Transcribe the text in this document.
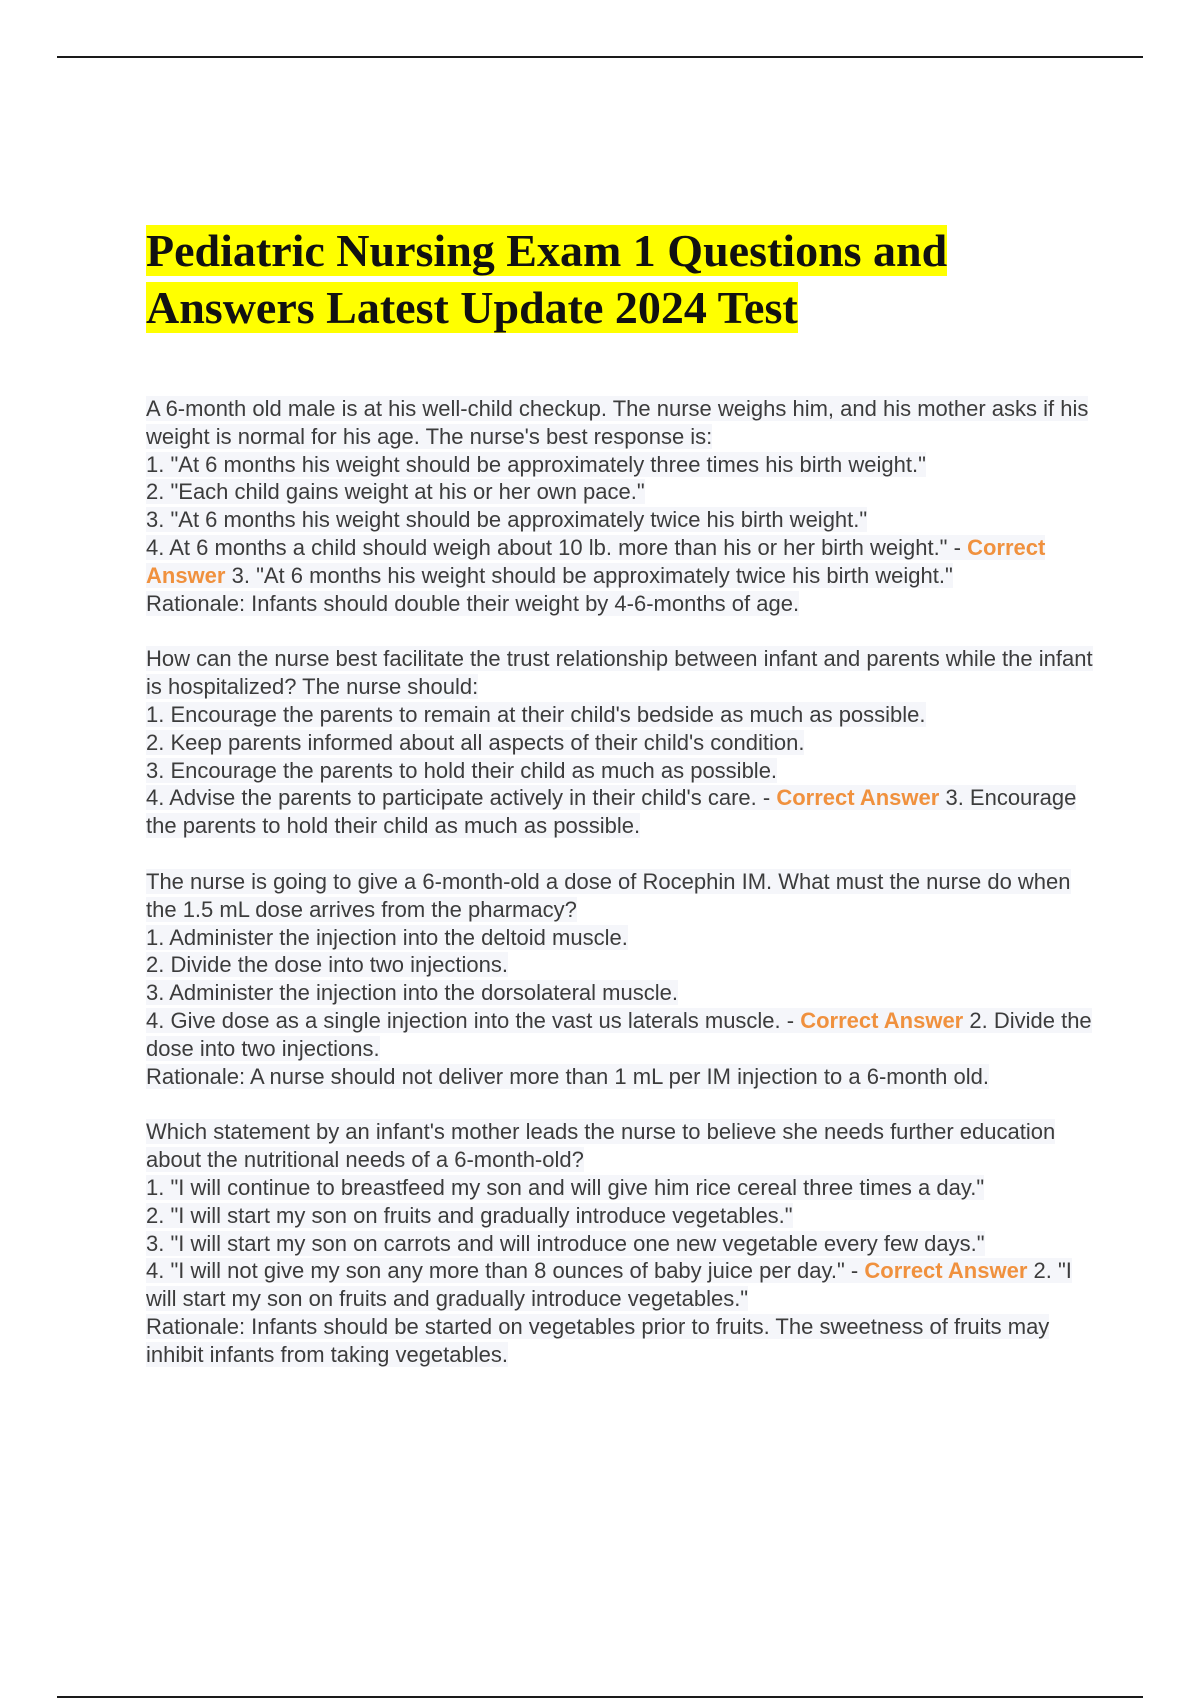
Pediatric Nursing Exam 1 Questions and Answers Latest Update 2024 Test

A 6-month old male is at his well-child checkup. The nurse weighs him, and his mother asks if his weight is normal for his age. The nurse's best response is:

1. "At 6 months his weight should be approximately three times his birth weight."

2. "Each child gains weight at his or her own pace."

3. "At 6 months his weight should be approximately twice his birth weight."

4. At 6 months a child should weigh about 10 lb. more than his or her birth weight." - Correct Answer 3. "At 6 months his weight should be approximately twice his birth weight."

Rationale: Infants should double their weight by 4-6-months of age.

How can the nurse best facilitate the trust relationship between infant and parents while the infant is hospitalized? The nurse should:

1. Encourage the parents to remain at their child's bedside as much as possible.

2. Keep parents informed about all aspects of their child's condition.

3. Encourage the parents to hold their child as much as possible.

4. Advise the parents to participate actively in their child's care. - Correct Answer 3. Encourage the parents to hold their child as much as possible.

The nurse is going to give a 6-month-old a dose of Rocephin IM. What must the nurse do when the 1.5 mL dose arrives from the pharmacy?

1. Administer the injection into the deltoid muscle.

2. Divide the dose into two injections.

3. Administer the injection into the dorsolateral muscle.

4. Give dose as a single injection into the vast us laterals muscle. - Correct Answer 2. Divide the dose into two injections.

Rationale: A nurse should not deliver more than 1 mL per IM injection to a 6-month old.

Which statement by an infant's mother leads the nurse to believe she needs further education about the nutritional needs of a 6-month-old?

1. "I will continue to breastfeed my son and will give him rice cereal three times a day."

2. "I will start my son on fruits and gradually introduce vegetables."

3. "I will start my son on carrots and will introduce one new vegetable every few days."

4. "I will not give my son any more than 8 ounces of baby juice per day." - Correct Answer 2. "I will start my son on fruits and gradually introduce vegetables."

Rationale: Infants should be started on vegetables prior to fruits. The sweetness of fruits may inhibit infants from taking vegetables.
